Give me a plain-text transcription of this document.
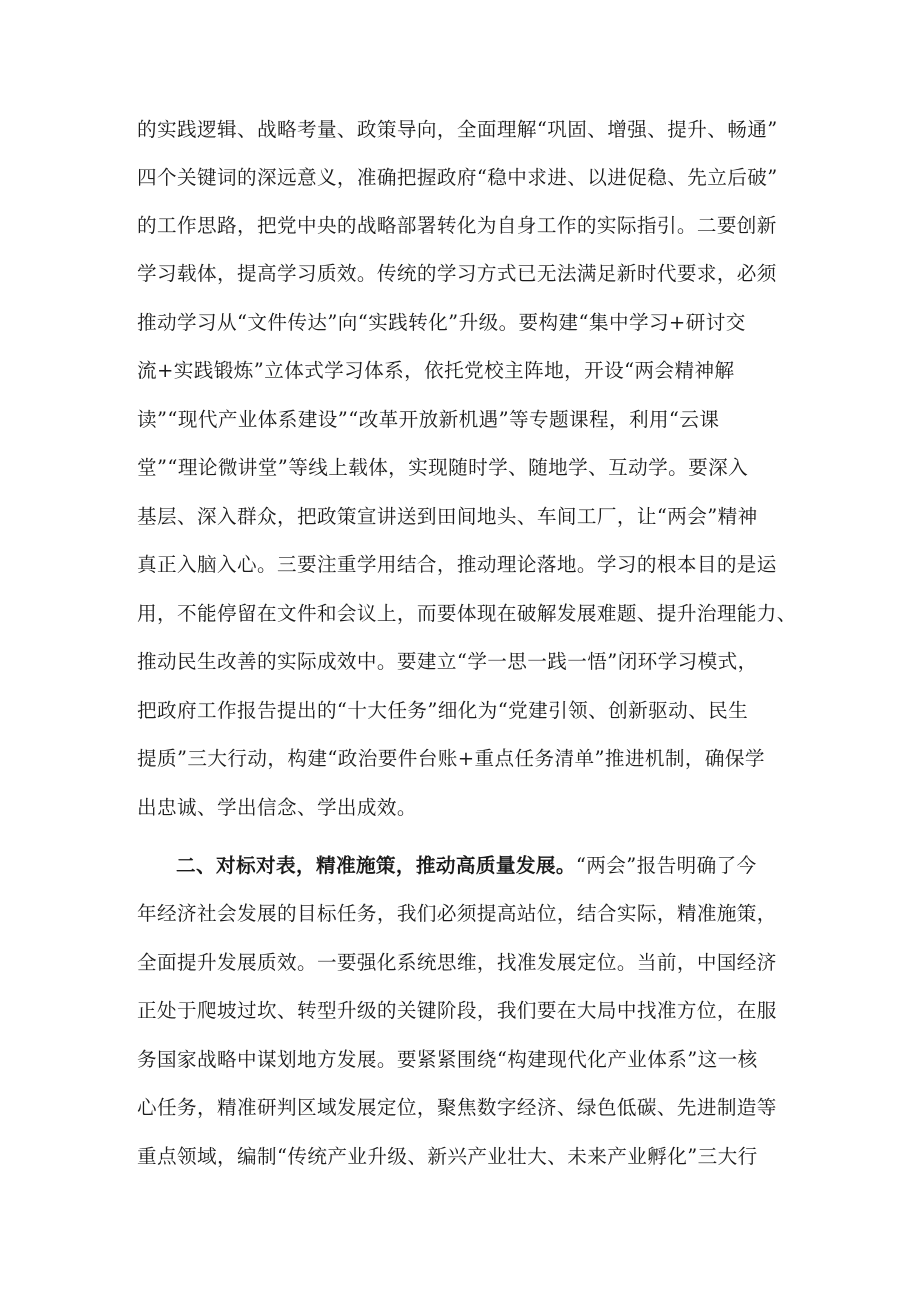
的实践逻辑、战略考量、政策导向，全面理解“巩固、增强、提升、畅通”
四个关键词的深远意义，准确把握政府“稳中求进、以进促稳、先立后破”
的工作思路，把党中央的战略部署转化为自身工作的实际指引。二要创新
学习载体，提高学习质效。传统的学习方式已无法满足新时代要求，必须
推动学习从“文件传达”向“实践转化”升级。要构建“集中学习+研讨交
流+实践锻炼”立体式学习体系，依托党校主阵地，开设“两会精神解
读”“现代产业体系建设”“改革开放新机遇”等专题课程，利用“云课
堂”“理论微讲堂”等线上载体，实现随时学、随地学、互动学。要深入
基层、深入群众，把政策宣讲送到田间地头、车间工厂，让“两会”精神
真正入脑入心。三要注重学用结合，推动理论落地。学习的根本目的是运
用，不能停留在文件和会议上，而要体现在破解发展难题、提升治理能力、
推动民生改善的实际成效中。要建立“学一思一践一悟”闭环学习模式，
把政府工作报告提出的“十大任务”细化为“党建引领、创新驱动、民生
提质”三大行动，构建“政治要件台账+重点任务清单”推进机制，确保学
出忠诚、学出信念、学出成效。
二、对标对表，精准施策，推动高质量发展。“两会”报告明确了今
年经济社会发展的目标任务，我们必须提高站位，结合实际，精准施策，
全面提升发展质效。一要强化系统思维，找准发展定位。当前，中国经济
正处于爬坡过坎、转型升级的关键阶段，我们要在大局中找准方位，在服
务国家战略中谋划地方发展。要紧紧围绕“构建现代化产业体系”这一核
心任务，精准研判区域发展定位，聚焦数字经济、绿色低碳、先进制造等
重点领域，编制“传统产业升级、新兴产业壮大、未来产业孵化”三大行
